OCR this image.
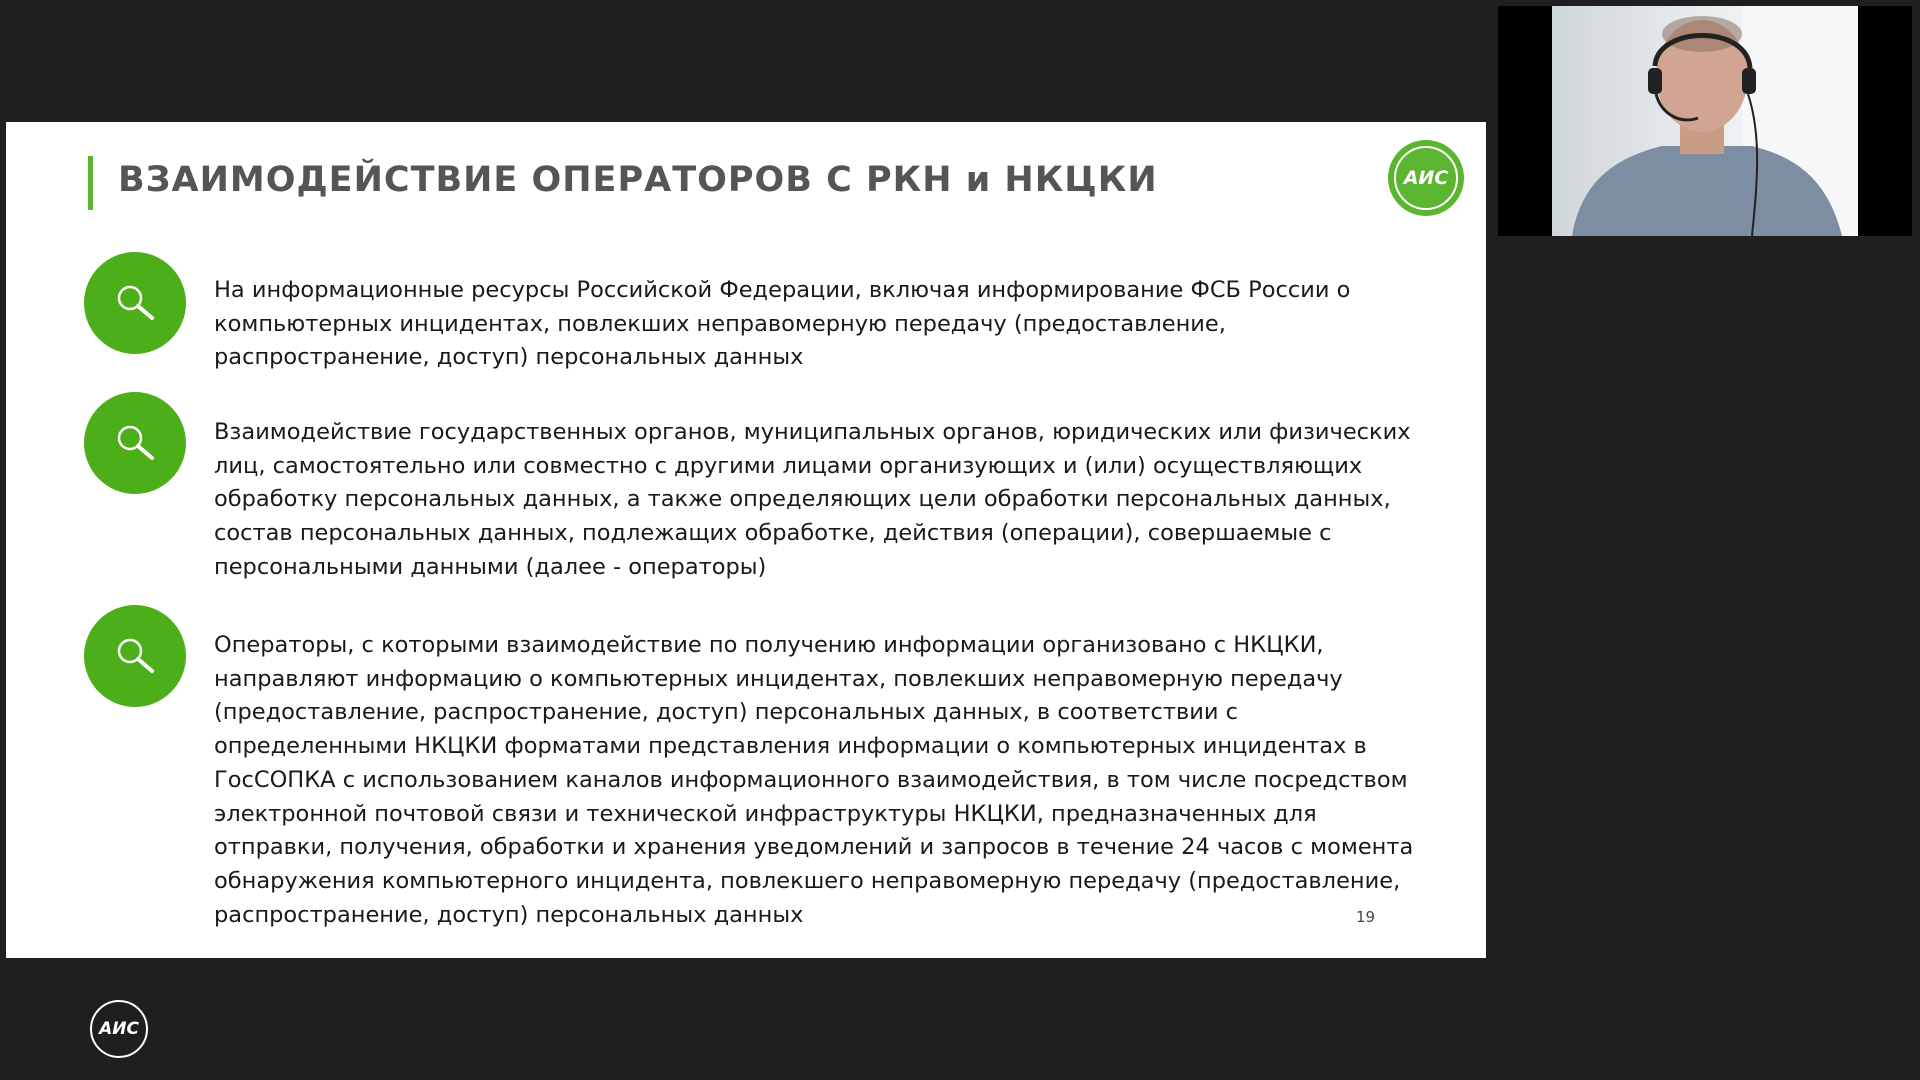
ВЗАИМОДЕЙСТВИЕ ОПЕРАТОРОВ С РКН и НКЦКИ	АИС
На информационные ресурсы Российской Федерации, включая информирование ФСБ России о компьютерных инцидентах, повлекших неправомерную передачу (предоставление, распространение, доступ) персональных данных
Взаимодействие государственных органов, муниципальных органов, юридических или физических лиц, самостоятельно или совместно с другими лицами организующих и (или) осуществляющих обработку персональных данных, а также определяющих цели обработки персональных данных, состав персональных данных, подлежащих обработке, действия (операции), совершаемые с персональными данными (далее - операторы)
Операторы, с которыми взаимодействие по получению информации организовано с НКЦКИ, направляют информацию о компьютерных инцидентах, повлекших неправомерную передачу (предоставление, распространение, доступ) персональных данных, в соответствии с определенными НКЦКИ форматами представления информации о компьютерных инцидентах в ГосСОПКА с использованием каналов информационного взаимодействия, в том числе посредством электронной почтовой связи и технической инфраструктуры НКЦКИ, предназначенных для отправки, получения, обработки и хранения уведомлений и запросов в течение 24 часов с момента обнаружения компьютерного инцидента, повлекшего неправомерную передачу (предоставление, распространение, доступ) персональных данных	19
АИС
